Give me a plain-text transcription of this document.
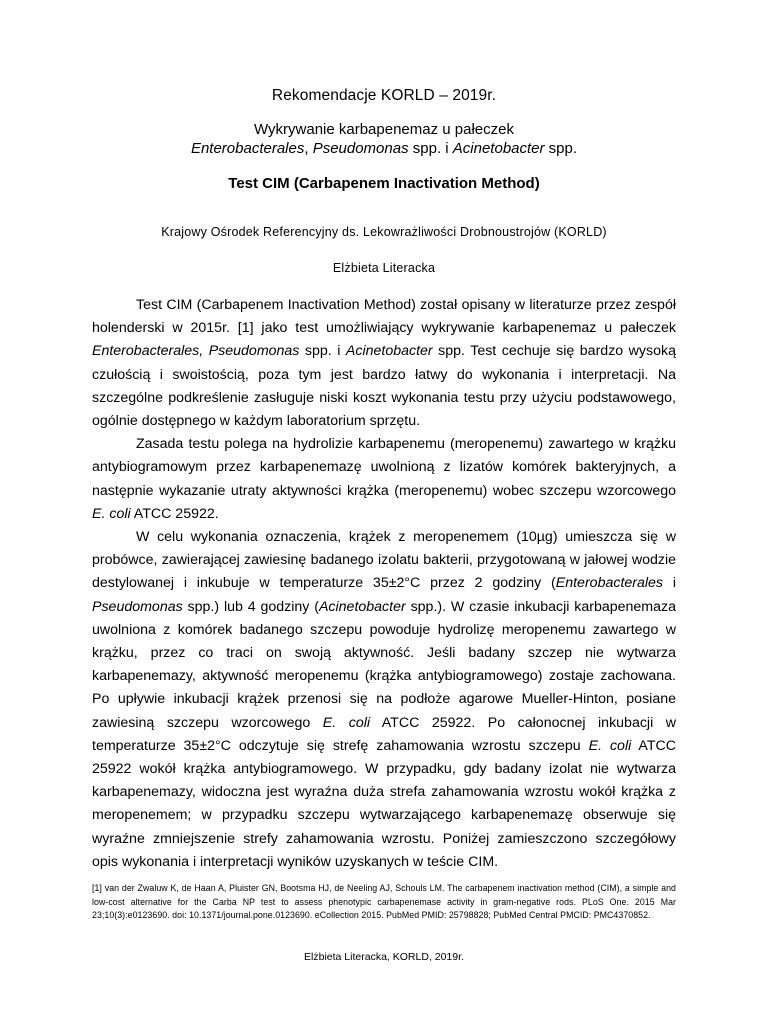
Rekomendacje KORLD – 2019r.
Wykrywanie karbapenemaz u pałeczek
Enterobacterales, Pseudomonas spp. i Acinetobacter spp.
Test CIM (Carbapenem Inactivation Method)
Krajowy Ośrodek Referencyjny ds. Lekowrażliwości Drobnoustrojów (KORLD)
Elżbieta Literacka

Test CIM (Carbapenem Inactivation Method) został opisany w literaturze przez zespół holenderski w 2015r. [1] jako test umożliwiający wykrywanie karbapenemaz u pałeczek Enterobacterales, Pseudomonas spp. i Acinetobacter spp. Test cechuje się bardzo wysoką czułością i swoistością, poza tym jest bardzo łatwy do wykonania i interpretacji. Na szczególne podkreślenie zasługuje niski koszt wykonania testu przy użyciu podstawowego, ogólnie dostępnego w każdym laboratorium sprzętu.

Zasada testu polega na hydrolizie karbapenemu (meropenemu) zawartego w krążku antybiogramowym przez karbapenemazę uwolnioną z lizatów komórek bakteryjnych, a następnie wykazanie utraty aktywności krążka (meropenemu) wobec szczepu wzorcowego E. coli ATCC 25922.

W celu wykonania oznaczenia, krążek z meropenemem (10µg) umieszcza się w probówce, zawierającej zawiesinę badanego izolatu bakterii, przygotowaną w jałowej wodzie destylowanej i inkubuje w temperaturze 35±2°C przez 2 godziny (Enterobacterales i Pseudomonas spp.) lub 4 godziny (Acinetobacter spp.). W czasie inkubacji karbapenemaza uwolniona z komórek badanego szczepu powoduje hydrolizę meropenemu zawartego w krążku, przez co traci on swoją aktywność. Jeśli badany szczep nie wytwarza karbapenemazy, aktywność meropenemu (krążka antybiogramowego) zostaje zachowana. Po upływie inkubacji krążek przenosi się na podłoże agarowe Mueller-Hinton, posiane zawiesiną szczepu wzorcowego E. coli ATCC 25922. Po całonocnej inkubacji w temperaturze 35±2°C odczytuje się strefę zahamowania wzrostu szczepu E. coli ATCC 25922 wokół krążka antybiogramowego. W przypadku, gdy badany izolat nie wytwarza karbapenemazy, widoczna jest wyraźna duża strefa zahamowania wzrostu wokół krążka z meropenemem; w przypadku szczepu wytwarzającego karbapenemazę obserwuje się wyraźne zmniejszenie strefy zahamowania wzrostu. Poniżej zamieszczono szczegółowy opis wykonania i interpretacji wyników uzyskanych w teście CIM.

[1] van der Zwaluw K, de Haan A, Pluister GN, Bootsma HJ, de Neeling AJ, Schouls LM. The carbapenem inactivation method (CIM), a simple and low-cost alternative for the Carba NP test to assess phenotypic carbapenemase activity in gram-negative rods. PLoS One. 2015 Mar 23;10(3):e0123690. doi: 10.1371/journal.pone.0123690. eCollection 2015. PubMed PMID: 25798828; PubMed Central PMCID: PMC4370852.
Elżbieta Literacka, KORLD, 2019r.
